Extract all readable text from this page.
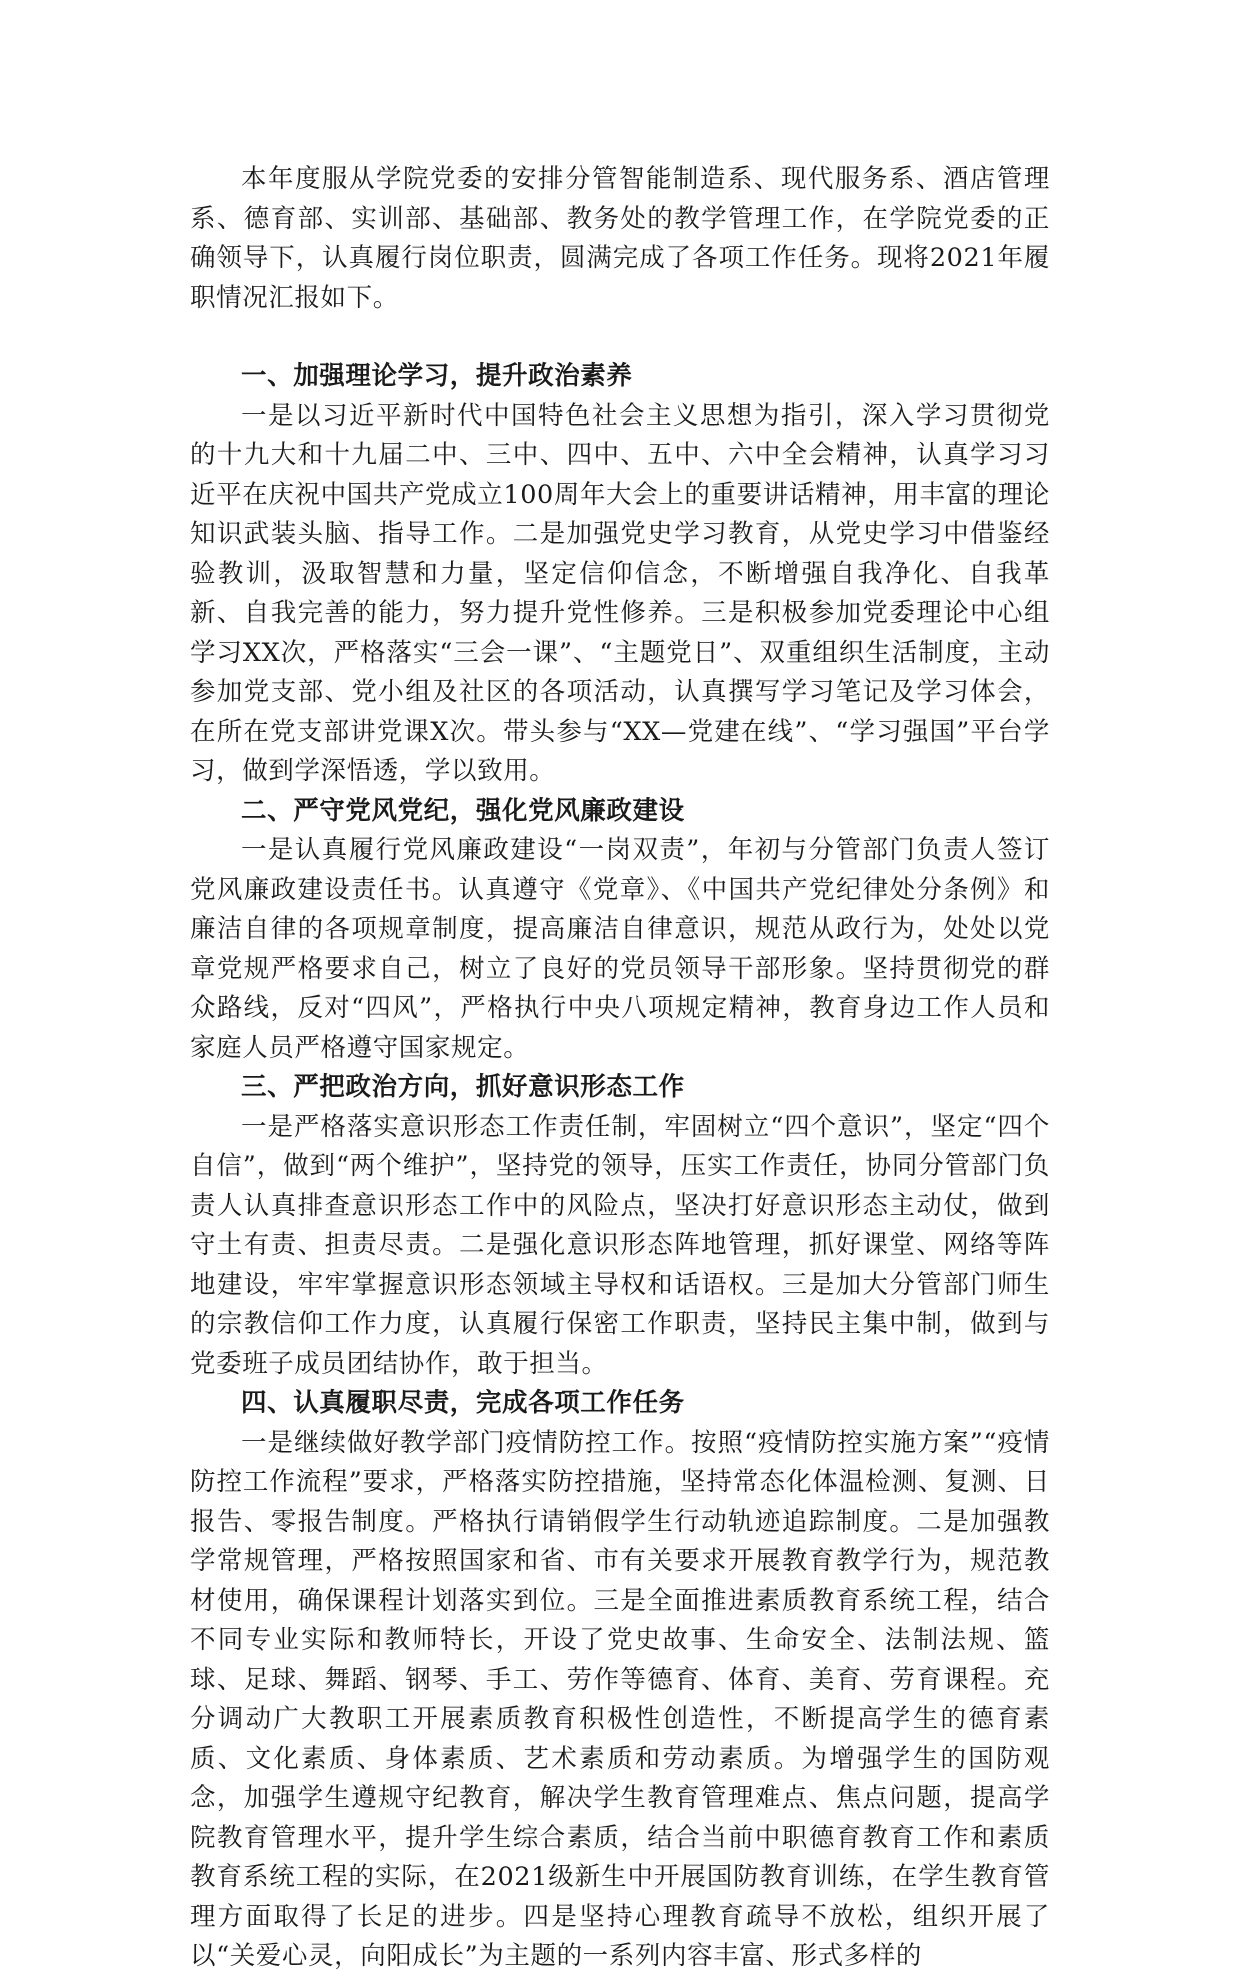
本年度服从学院党委的安排分管智能制造系、现代服务系、酒店管理系、德育部、实训部、基础部、教务处的教学管理工作，在学院党委的正确领导下，认真履行岗位职责，圆满完成了各项工作任务。现将2021年履职情况汇报如下。

一、加强理论学习，提升政治素养

一是以习近平新时代中国特色社会主义思想为指引，深入学习贯彻党的十九大和十九届二中、三中、四中、五中、六中全会精神，认真学习习近平在庆祝中国共产党成立100周年大会上的重要讲话精神，用丰富的理论知识武装头脑、指导工作。二是加强党史学习教育，从党史学习中借鉴经验教训，汲取智慧和力量，坚定信仰信念，不断增强自我净化、自我革新、自我完善的能力，努力提升党性修养。三是积极参加党委理论中心组学习XX次，严格落实“三会一课”、“主题党日”、双重组织生活制度，主动参加党支部、党小组及社区的各项活动，认真撰写学习笔记及学习体会，在所在党支部讲党课X次。带头参与“XX—党建在线”、“学习强国”平台学习，做到学深悟透，学以致用。

二、严守党风党纪，强化党风廉政建设

一是认真履行党风廉政建设“一岗双责”，年初与分管部门负责人签订党风廉政建设责任书。认真遵守《党章》、《中国共产党纪律处分条例》和廉洁自律的各项规章制度，提高廉洁自律意识，规范从政行为，处处以党章党规严格要求自己，树立了良好的党员领导干部形象。坚持贯彻党的群众路线，反对“四风”，严格执行中央八项规定精神，教育身边工作人员和家庭人员严格遵守国家规定。

三、严把政治方向，抓好意识形态工作

一是严格落实意识形态工作责任制，牢固树立“四个意识”，坚定“四个自信”，做到“两个维护”，坚持党的领导，压实工作责任，协同分管部门负责人认真排查意识形态工作中的风险点，坚决打好意识形态主动仗，做到守土有责、担责尽责。二是强化意识形态阵地管理，抓好课堂、网络等阵地建设，牢牢掌握意识形态领域主导权和话语权。三是加大分管部门师生的宗教信仰工作力度，认真履行保密工作职责，坚持民主集中制，做到与党委班子成员团结协作，敢于担当。

四、认真履职尽责，完成各项工作任务

一是继续做好教学部门疫情防控工作。按照“疫情防控实施方案”“疫情防控工作流程”要求，严格落实防控措施，坚持常态化体温检测、复测、日报告、零报告制度。严格执行请销假学生行动轨迹追踪制度。二是加强教学常规管理，严格按照国家和省、市有关要求开展教育教学行为，规范教材使用，确保课程计划落实到位。三是全面推进素质教育系统工程，结合不同专业实际和教师特长，开设了党史故事、生命安全、法制法规、篮球、足球、舞蹈、钢琴、手工、劳作等德育、体育、美育、劳育课程。充分调动广大教职工开展素质教育积极性创造性，不断提高学生的德育素质、文化素质、身体素质、艺术素质和劳动素质。为增强学生的国防观念，加强学生遵规守纪教育，解决学生教育管理难点、焦点问题，提高学院教育管理水平，提升学生综合素质，结合当前中职德育教育工作和素质教育系统工程的实际，在2021级新生中开展国防教育训练，在学生教育管理方面取得了长足的进步。四是坚持心理教育疏导不放松，组织开展了以“关爱心灵，向阳成长”为主题的一系列内容丰富、形式多样的
